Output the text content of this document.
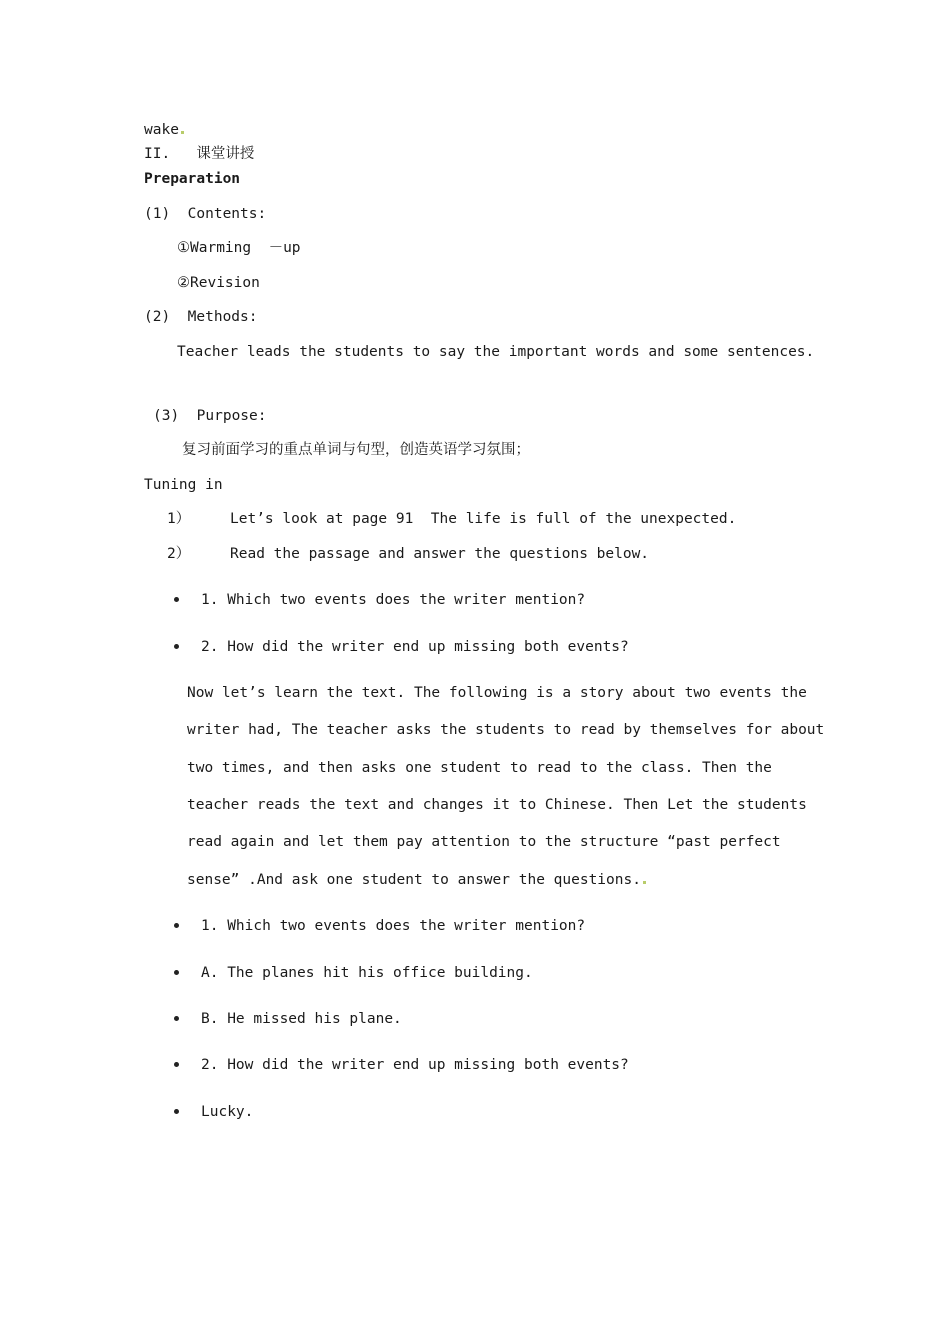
wake
II.   课堂讲授
Preparation
(1)  Contents:
①Warming  －up
②Revision
(2)  Methods:
Teacher leads the students to say the important words and some sentences.
(3)  Purpose:
复习前面学习的重点单词与句型，创造英语学习氛围；
Tuning in
1）	Let’s look at page 91  The life is full of the unexpected.
2）	Read the passage and answer the questions below.
1. Which two events does the writer mention?
2. How did the writer end up missing both events?
Now let’s learn the text. The following is a story about two events the
writer had, The teacher asks the students to read by themselves for about
two times, and then asks one student to read to the class. Then the
teacher reads the text and changes it to Chinese. Then Let the students
read again and let them pay attention to the structure “past perfect
sense” .And ask one student to answer the questions.
1. Which two events does the writer mention?
A. The planes hit his office building.
B. He missed his plane.
2. How did the writer end up missing both events?
Lucky.
